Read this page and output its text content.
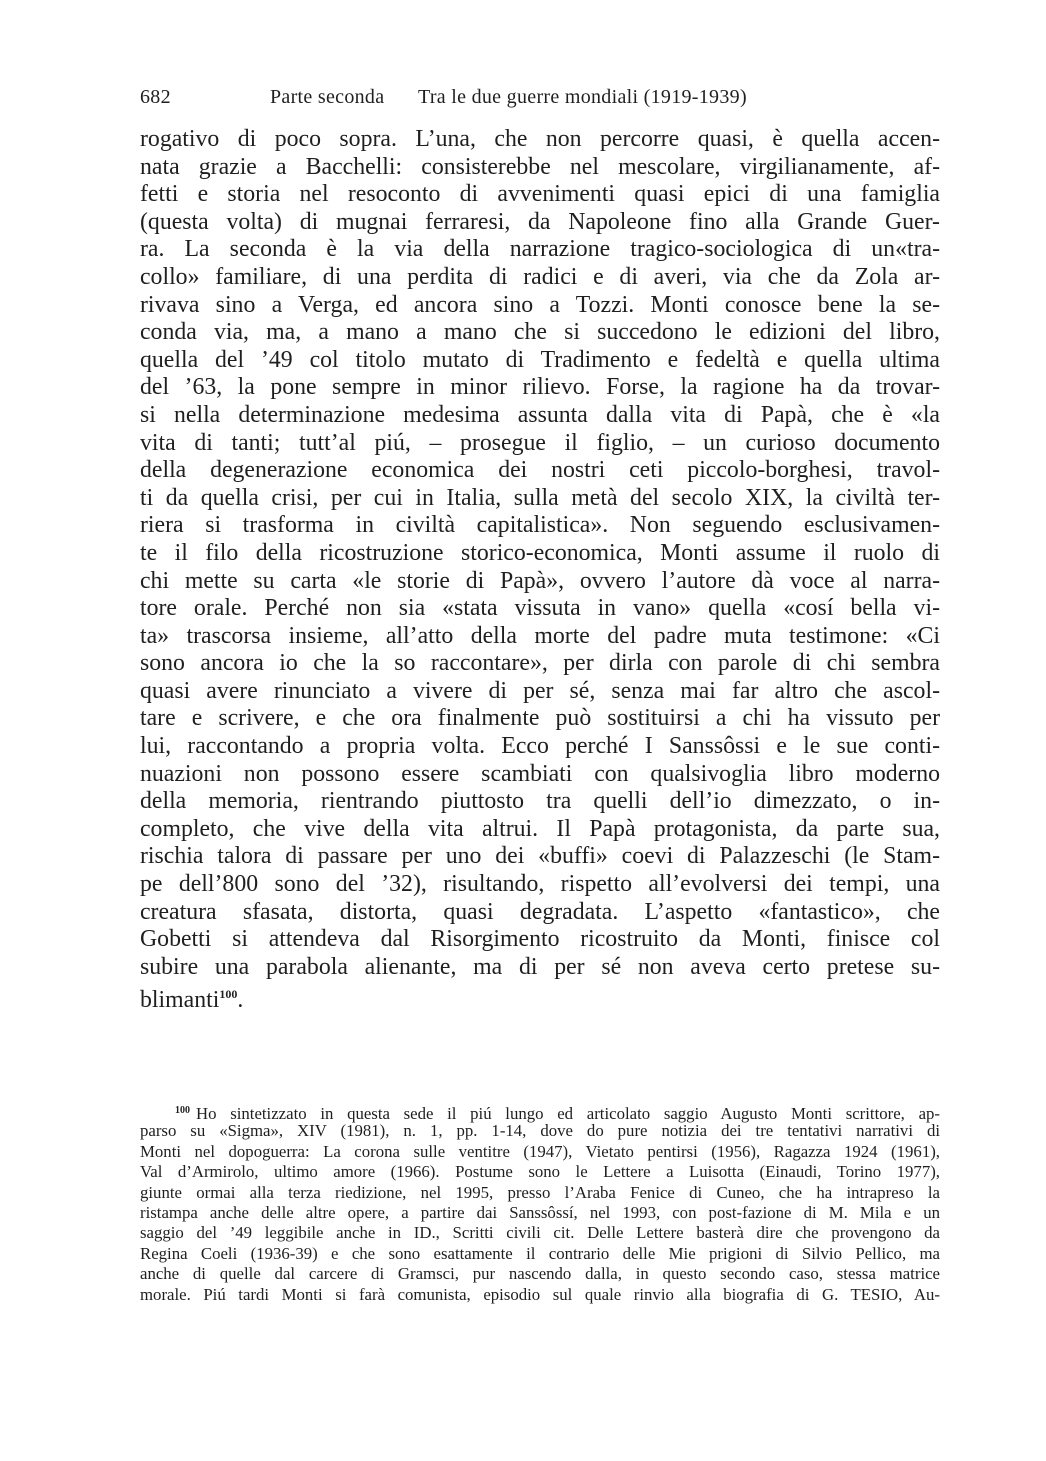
682	Parte seconda Tra le due guerre mondiali (1919-1939)
rogativo di poco sopra. L’una, che non percorre quasi, è quella accen-
nata grazie a Bacchelli: consisterebbe nel mescolare, virgilianamente, af-
fetti e storia nel resoconto di avvenimenti quasi epici di una famiglia
(questa volta) di mugnai ferraresi, da Napoleone fino alla Grande Guer-
ra. La seconda è la via della narrazione tragico-sociologica di un«tra-
collo» familiare, di una perdita di radici e di averi, via che da Zola ar-
rivava sino a Verga, ed ancora sino a Tozzi. Monti conosce bene la se-
conda via, ma, a mano a mano che si succedono le edizioni del libro,
quella del ’49 col titolo mutato di Tradimento e fedeltà e quella ultima
del ’63, la pone sempre in minor rilievo. Forse, la ragione ha da trovar-
si nella determinazione medesima assunta dalla vita di Papà, che è «la
vita di tanti; tutt’al piú, – prosegue il figlio, – un curioso documento
della degenerazione economica dei nostri ceti piccolo-borghesi, travol-
ti da quella crisi, per cui in Italia, sulla metà del secolo XIX, la civiltà ter-
riera si trasforma in civiltà capitalistica». Non seguendo esclusivamen-
te il filo della ricostruzione storico-economica, Monti assume il ruolo di
chi mette su carta «le storie di Papà», ovvero l’autore dà voce al narra-
tore orale. Perché non sia «stata vissuta in vano» quella «cosí bella vi-
ta» trascorsa insieme, all’atto della morte del padre muta testimone: «Ci
sono ancora io che la so raccontare», per dirla con parole di chi sembra
quasi avere rinunciato a vivere di per sé, senza mai far altro che ascol-
tare e scrivere, e che ora finalmente può sostituirsi a chi ha vissuto per
lui, raccontando a propria volta. Ecco perché I Sanssôssi e le sue conti-
nuazioni non possono essere scambiati con qualsivoglia libro moderno
della memoria, rientrando piuttosto tra quelli dell’io dimezzato, o in-
completo, che vive della vita altrui. Il Papà protagonista, da parte sua,
rischia talora di passare per uno dei «buffi» coevi di Palazzeschi (le Stam-
pe dell’800 sono del ’32), risultando, rispetto all’evolversi dei tempi, una
creatura sfasata, distorta, quasi degradata. L’aspetto «fantastico», che
Gobetti si attendeva dal Risorgimento ricostruito da Monti, finisce col
subire una parabola alienante, ma di per sé non aveva certo pretese su-
blimanti$^{100}$.
$^{100}$ Ho sintetizzato in questa sede il piú lungo ed articolato saggio Augusto Monti scrittore, ap-
parso su «Sigma», XIV (1981), n. 1, pp. 1-14, dove do pure notizia dei tre tentativi narrativi di
Monti nel dopoguerra: La corona sulle ventitre (1947), Vietato pentirsi (1956), Ragazza 1924 (1961),
Val d’Armirolo, ultimo amore (1966). Postume sono le Lettere a Luisotta (Einaudi, Torino 1977),
giunte ormai alla terza riedizione, nel 1995, presso l’Araba Fenice di Cuneo, che ha intrapreso la
ristampa anche delle altre opere, a partire dai Sanssôssí, nel 1993, con post-fazione di M. Mila e un
saggio del ’49 leggibile anche in ID., Scritti civili cit. Delle Lettere basterà dire che provengono da
Regina Coeli (1936-39) e che sono esattamente il contrario delle Mie prigioni di Silvio Pellico, ma
anche di quelle dal carcere di Gramsci, pur nascendo dalla, in questo secondo caso, stessa matrice
morale. Piú tardi Monti si farà comunista, episodio sul quale rinvio alla biografia di G. TESIO, Au-
